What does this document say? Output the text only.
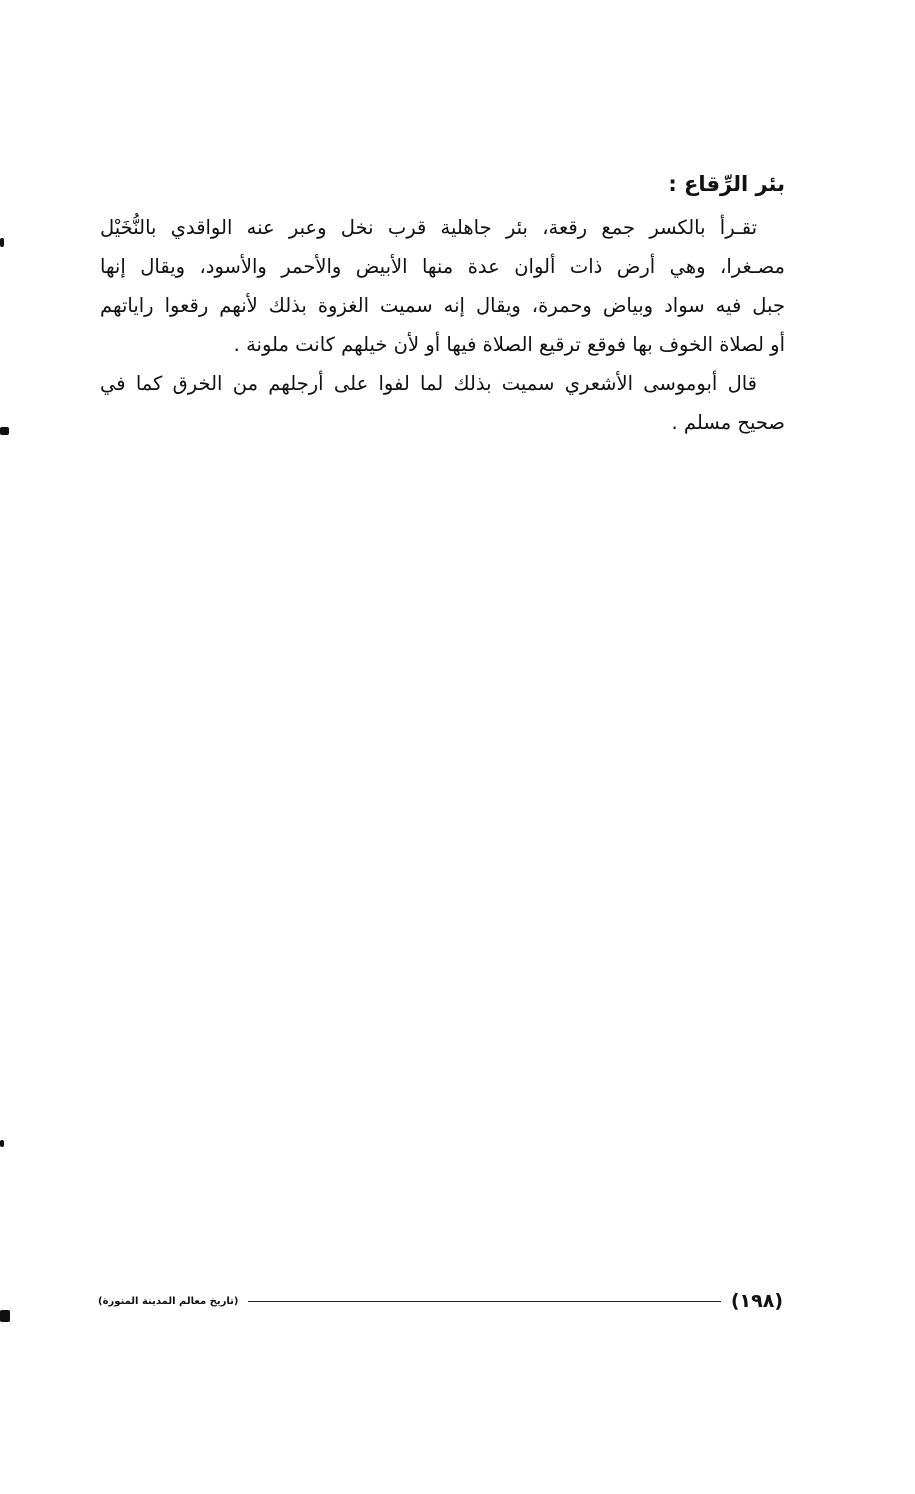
بئر الرِّقاع :

تقـرأ بالكسر جمع رقعة، بئر جاهلية قرب نخل وعبر عنه الواقدي بالنُّخَيْل

مصـغرا، وهي أرض ذات ألوان عدة منها الأبيض والأحمر والأسود، ويقال إنها

جبل فيه سواد وبياض وحمرة، ويقال إنه سميت الغزوة بذلك لأنهم رقعوا راياتهم

أو لصلاة الخوف بها فوقع ترقيع الصلاة فيها أو لأن خيلهم كانت ملونة .

قال أبوموسى الأشعري سميت بذلك لما لفوا على أرجلهم من الخرق كما في

صحيح مسلم .

(١٩٨)
(تاريخ معالم المدينة المنورة)
